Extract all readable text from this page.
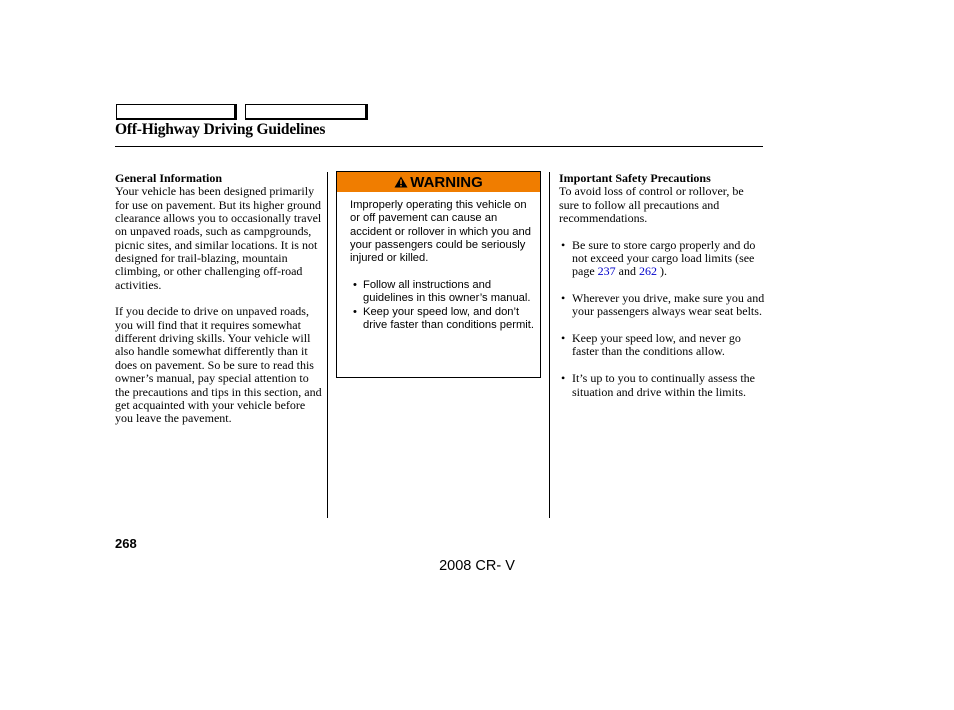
Off-Highway Driving Guidelines

General Information

Your vehicle has been designed primarily for use on pavement. But its higher ground clearance allows you to occasionally travel on unpaved roads, such as campgrounds, picnic sites, and similar locations. It is not designed for trail-blazing, mountain climbing, or other challenging off-road activities.

If you decide to drive on unpaved roads, you will find that it requires somewhat different driving skills. Your vehicle will also handle somewhat differently than it does on pavement. So be sure to read this owner’s manual, pay special attention to the precautions and tips in this section, and get acquainted with your vehicle before you leave the pavement.

WARNING

Improperly operating this vehicle on or off pavement can cause an accident or rollover in which you and your passengers could be seriously injured or killed.

• Follow all instructions and guidelines in this owner’s manual.
• Keep your speed low, and don’t drive faster than conditions permit.

Important Safety Precautions

To avoid loss of control or rollover, be sure to follow all precautions and recommendations.

• Be sure to store cargo properly and do not exceed your cargo load limits (see page 237 and 262 ).
• Wherever you drive, make sure you and your passengers always wear seat belts.
• Keep your speed low, and never go faster than the conditions allow.
• It’s up to you to continually assess the situation and drive within the limits.
268
2008 CR- V
